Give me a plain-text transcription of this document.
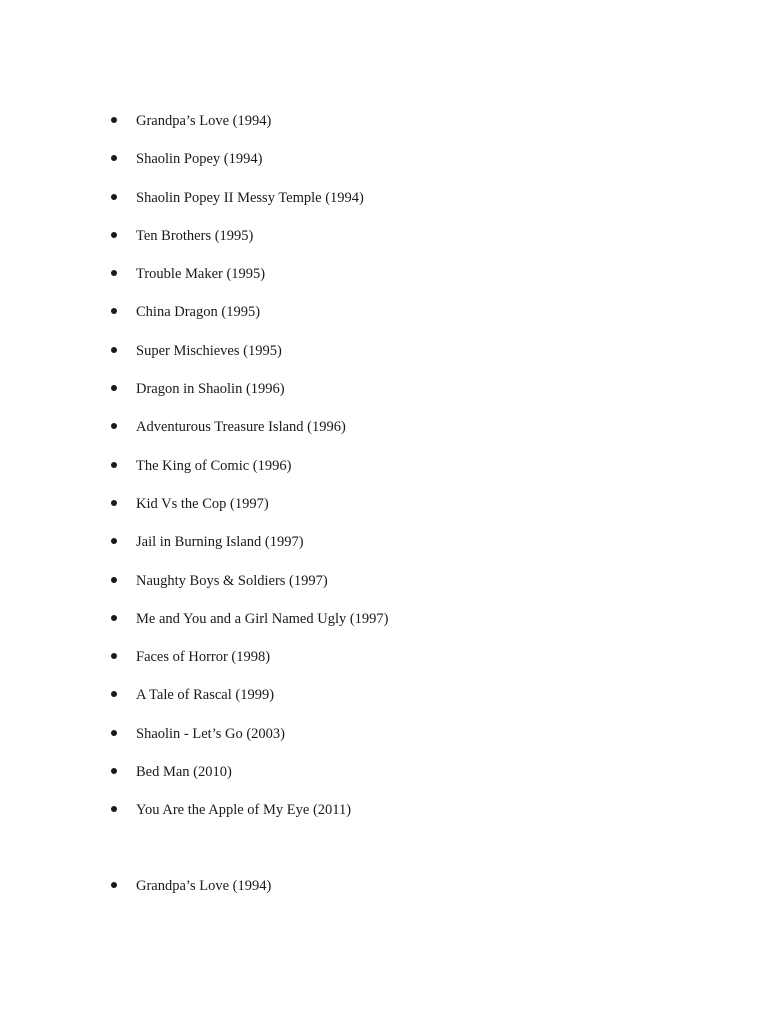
Grandpa’s Love (1994)
Shaolin Popey (1994)
Shaolin Popey II Messy Temple (1994)
Ten Brothers (1995)
Trouble Maker (1995)
China Dragon (1995)
Super Mischieves (1995)
Dragon in Shaolin (1996)
Adventurous Treasure Island (1996)
The King of Comic (1996)
Kid Vs the Cop (1997)
Jail in Burning Island (1997)
Naughty Boys & Soldiers (1997)
Me and You and a Girl Named Ugly (1997)
Faces of Horror (1998)
A Tale of Rascal (1999)
Shaolin - Let’s Go (2003)
Bed Man (2010)
You Are the Apple of My Eye (2011)
Grandpa’s Love (1994)
